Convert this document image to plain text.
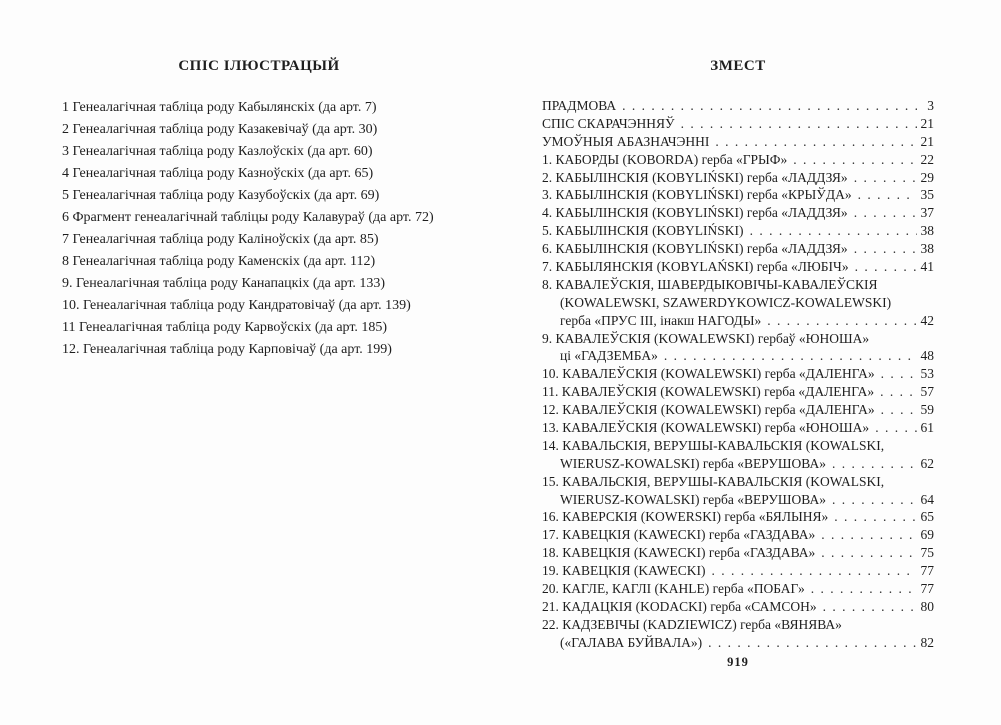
СПІС ІЛЮСТРАЦЫЙ
1 Генеалагічная табліца роду Кабылянскіх (да арт. 7)
2 Генеалагічная табліца роду Казакевічаў (да арт. 30)
3 Генеалагічная табліца роду Казлоўскіх (да арт. 60)
4 Генеалагічная табліца роду Казноўскіх (да арт. 65)
5 Генеалагічная табліца роду Казубоўскіх (да арт. 69)
6 Фрагмент генеалагічнай табліцы роду Калавураў (да арт. 72)
7 Генеалагічная табліца роду Каліноўскіх (да арт. 85)
8 Генеалагічная табліца роду Каменскіх (да арт. 112)
9. Генеалагічная табліца роду Канапацкіх (да арт. 133)
10. Генеалагічная табліца роду Кандратовічаў (да арт. 139)
11 Генеалагічная табліца роду Карвоўскіх (да арт. 185)
12. Генеалагічная табліца роду Карповічаў (да арт. 199)
ЗМЕСТ
ПРАДМОВА . . .	3
СПІС СКАРАЧЭННЯЎ . . .	21
УМОЎНЫЯ АБАЗНАЧЭННІ . . .	21
1. КАБОРДЫ (KOBORDA) герба «ГРЫФ» . . .	22
2. КАБЫЛІНСКІЯ (KOBYLIŃSKI) герба «ЛАДДЗЯ» . . .	29
3. КАБЫЛІНСКІЯ (KOBYLIŃSKI) герба «КРЫЎДА» . . .	35
4. КАБЫЛІНСКІЯ (KOBYLIŃSKI) герба «ЛАДДЗЯ» . . .	37
5. КАБЫЛІНСКІЯ (KOBYLIŃSKI) . . .	38
6. КАБЫЛІНСКІЯ (KOBYLIŃSKI) герба «ЛАДДЗЯ» . . .	38
7. КАБЫЛЯНСКІЯ (KOBYLAŃSKI) герба «ЛЮБІЧ» . . .	41
8. КАВАЛЕЎСКІЯ, ШАВЕРДЫКОВІЧЫ-КАВАЛЕЎСКІЯ
(KOWALEWSKI, SZAWERDYKOWICZ-KOWALEWSKI)
герба «ПРУС ІІІ, інакш НАГОДЫ» . . .	42
9. КАВАЛЕЎСКІЯ (KOWALEWSKI) гербаў «ЮНОША»
ці «ГАДЗЕМБА» . . .	48
10. КАВАЛЕЎСКІЯ (KOWALEWSKI) герба «ДАЛЕНГА» . . .	53
11. КАВАЛЕЎСКІЯ (KOWALEWSKI) герба «ДАЛЕНГА» . . .	57
12. КАВАЛЕЎСКІЯ (KOWALEWSKI) герба «ДАЛЕНГА» . . .	59
13. КАВАЛЕЎСКІЯ (KOWALEWSKI) герба «ЮНОША» . . .	61
14. КАВАЛЬСКІЯ, ВЕРУШЫ-КАВАЛЬСКІЯ (KOWALSKI,
WIERUSZ-KOWALSKI) герба «ВЕРУШОВА» . . .	62
15. КАВАЛЬСКІЯ, ВЕРУШЫ-КАВАЛЬСКІЯ (KOWALSKI,
WIERUSZ-KOWALSKI) герба «ВЕРУШОВА» . . .	64
16. КАВЕРСКІЯ (KOWERSKI) герба «БЯЛЫНЯ» . . .	65
17. КАВЕЦКІЯ (KAWECKI) герба «ГАЗДАВА» . . .	69
18. КАВЕЦКІЯ (KAWECKI) герба «ГАЗДАВА» . . .	75
19. КАВЕЦКІЯ (KAWECKI) . . .	77
20. КАГЛЕ, КАГЛІ (KAHLE) герба «ПОБАГ» . . .	77
21. КАДАЦКІЯ (KODACKI) герба «САМСОН» . . .	80
22. КАДЗЕВІЧЫ (KADZIEWICZ) герба «ВЯНЯВА»
(«ГАЛАВА БУЙВАЛА») . . .	82
919
